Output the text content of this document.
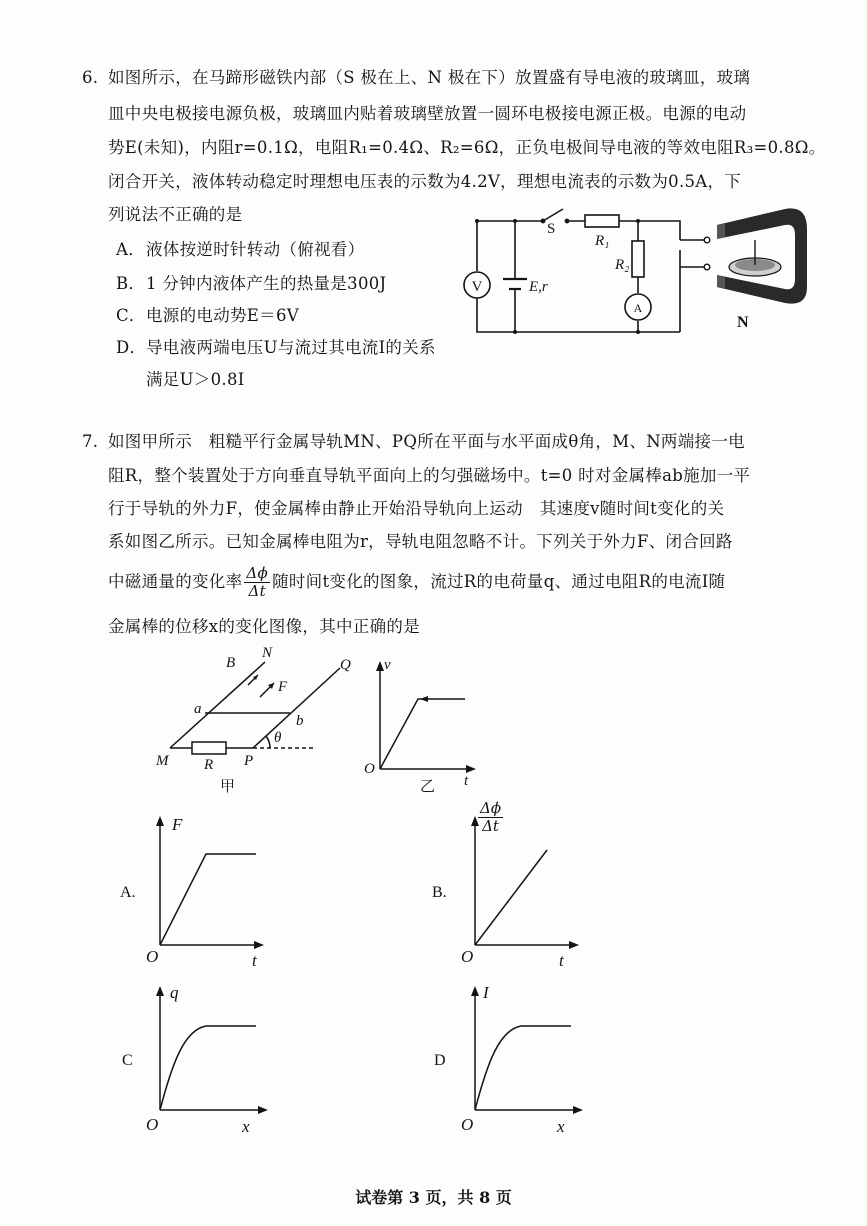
6. 如图所示，在马蹄形磁铁内部（S 极在上、N 极在下）放置盛有导电液的玻璃皿，玻璃
皿中央电极接电源负极，玻璃皿内贴着玻璃壁放置一圆环电极接电源正极。电源的电动
势E(未知)，内阻r=0.1Ω，电阻R₁=0.4Ω、R₂=6Ω，正负电极间导电液的等效电阻R₃=0.8Ω。
闭合开关，液体转动稳定时理想电压表的示数为4.2V，理想电流表的示数为0.5A，下
列说法不正确的是
A． 液体按逆时针转动（俯视看）
B． 1 分钟内液体产生的热量是300J
C． 电源的电动势E＝6V
D． 导电液两端电压U与流过其电流I的关系
满足U＞0.8I
V
A
S
R₁
R₂
E,r
N
7. 如图甲所示　粗糙平行金属导轨MN、PQ所在平面与水平面成θ角，M、N两端接一电
阻R，整个装置处于方向垂直导轨平面向上的匀强磁场中。t=0 时对金属棒ab施加一平
行于导轨的外力F，使金属棒由静止开始沿导轨向上运动　其速度v随时间t变化的关
系如图乙所示。已知金属棒电阻为r，导轨电阻忽略不计。下列关于外力F、闭合回路
中磁通量的变化率 $\frac{\Delta\phi}{\Delta t}$ 随时间t变化的图象，流过R的电荷量q、通过电阻R的电流I随
金属棒的位移x的变化图像，其中正确的是
B
N
F
Q
a
b
θ
M R P
甲
v
O
t
乙
A.
F
O	t
B.
$\frac{\Delta\phi}{\Delta t}$
O	t
C
q
O	x
D
I
O	x
试卷第 3 页，共 8 页
